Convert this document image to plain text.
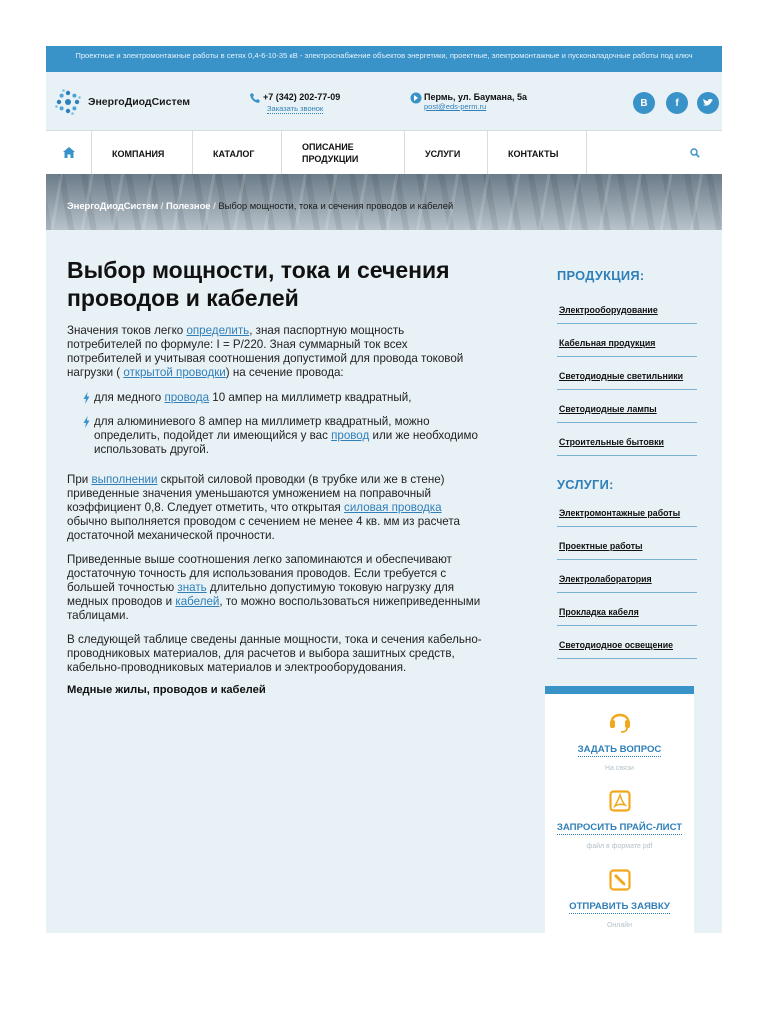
Проектные и электромонтажные работы в сетях 0,4-6-10-35 кВ - электроснабжение объектов энергетики, проектные, электромонтажные и пусконаладочные работы под ключ
ЭнергоДиодСистем	+7 (342) 202-77-09
Заказать звонок
Пермь, ул. Баумана, 5а
post@eds-perm.ru	В	f
КОМПАНИЯ	КАТАЛОГ
ОПИСАНИЕ
ПРОДУКЦИИ	УСЛУГИ	КОНТАКТЫ
ЭнергоДиодСистем / Полезное / Выбор мощности, тока и сечения проводов и кабелей
Выбор мощности, тока и сечения
проводов и кабелей
Значения токов легко определить, зная паспортную мощность
потребителей по формуле: I = P/220. Зная суммарный ток всех
потребителей и учитывая соотношения допустимой для провода токовой
нагрузки ( открытой проводки) на сечение провода:
для медного провода 10 ампер на миллиметр квадратный,
для алюминиевого 8 ампер на миллиметр квадратный, можно
определить, подойдет ли имеющийся у вас провод или же необходимо
использовать другой.
При выполнении скрытой силовой проводки (в трубке или же в стене)
приведенные значения уменьшаются умножением на поправочный
коэффициент 0,8. Следует отметить, что открытая силовая проводка
обычно выполняется проводом с сечением не менее 4 кв. мм из расчета
достаточной механической прочности.
Приведенные выше соотношения легко запоминаются и обеспечивают
достаточную точность для использования проводов. Если требуется с
большей точностью знать длительно допустимую токовую нагрузку для
медных проводов и кабелей, то можно воспользоваться нижеприведенными
таблицами.
В следующей таблице сведены данные мощности, тока и сечения кабельно-
проводниковых материалов, для расчетов и выбора зашитных средств,
кабельно-проводниковых материалов и электрооборудования.
Медные жилы, проводов и кабелей
ПРОДУКЦИЯ:
Электрооборудование
Кабельная продукция
Светодиодные светильники
Светодиодные лампы
Строительные бытовки
УСЛУГИ:
Электромонтажные работы
Проектные работы
Электролаборатория
Прокладка кабеля
Светодиодное освещение

ЗАДАТЬ ВОПРОС
На связи

ЗАПРОСИТЬ ПРАЙС-ЛИСТ
файл в формате pdf

ОТПРАВИТЬ ЗАЯВКУ
Онлайн
